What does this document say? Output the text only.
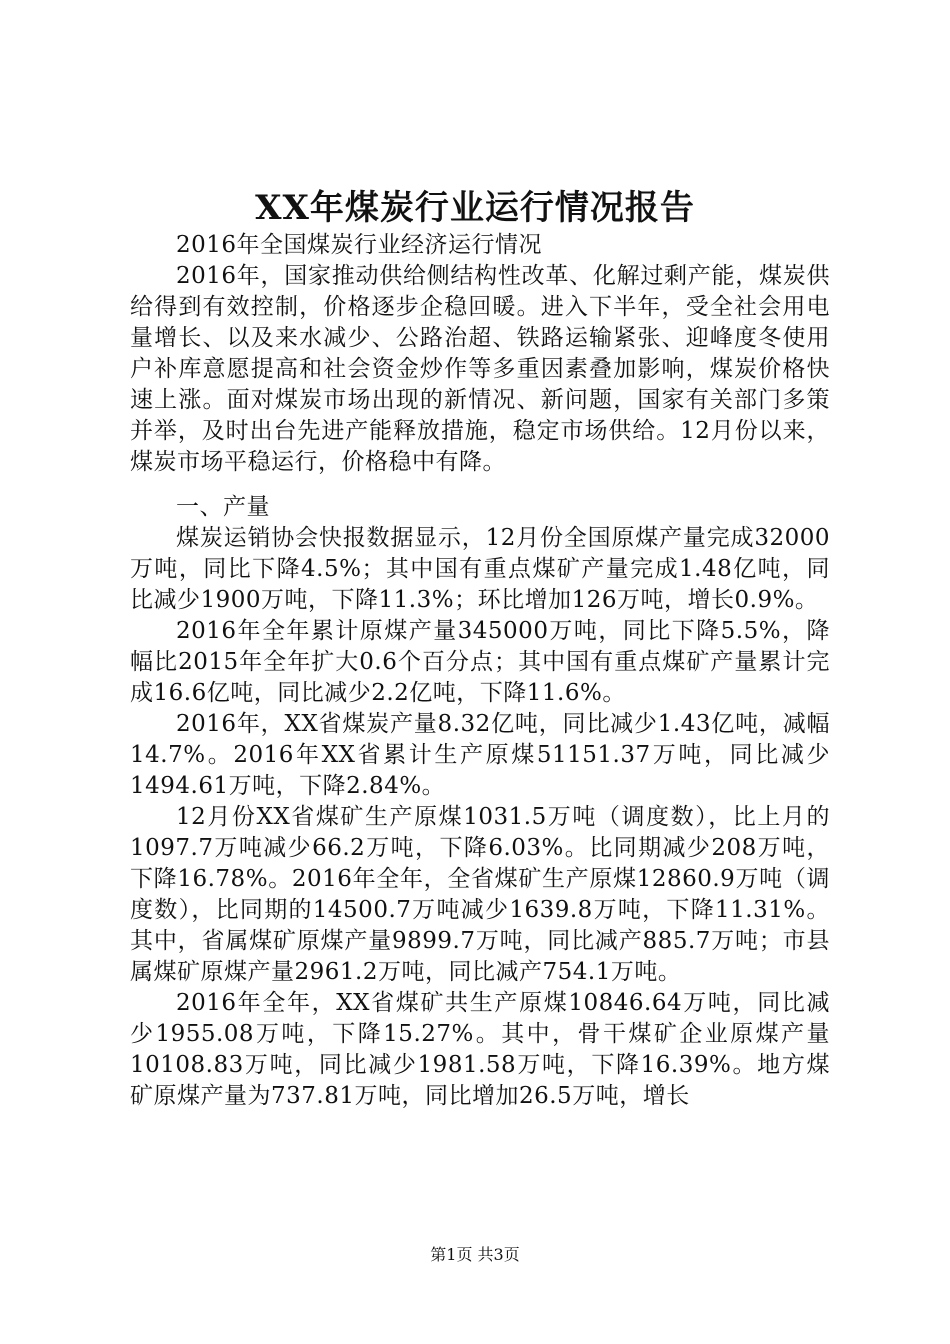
XX年煤炭行业运行情况报告

2016年全国煤炭行业经济运行情况

2016年，国家推动供给侧结构性改革、化解过剩产能，煤炭供给得到有效控制，价格逐步企稳回暖。进入下半年，受全社会用电量增长、以及来水减少、公路治超、铁路运输紧张、迎峰度冬使用户补库意愿提高和社会资金炒作等多重因素叠加影响，煤炭价格快速上涨。面对煤炭市场出现的新情况、新问题，国家有关部门多策并举，及时出台先进产能释放措施，稳定市场供给。12月份以来，煤炭市场平稳运行，价格稳中有降。

一、产量

煤炭运销协会快报数据显示，12月份全国原煤产量完成32000万吨，同比下降4.5%；其中国有重点煤矿产量完成1.48亿吨，同比减少1900万吨，下降11.3%；环比增加126万吨，增长0.9%。

2016年全年累计原煤产量345000万吨，同比下降5.5%，降幅比2015年全年扩大0.6个百分点；其中国有重点煤矿产量累计完成16.6亿吨，同比减少2.2亿吨，下降11.6%。

2016年，XX省煤炭产量8.32亿吨，同比减少1.43亿吨，减幅14.7%。2016年XX省累计生产原煤51151.37万吨，同比减少1494.61万吨，下降2.84%。

12月份XX省煤矿生产原煤1031.5万吨（调度数），比上月的1097.7万吨减少66.2万吨，下降6.03%。比同期减少208万吨，下降16.78%。2016年全年，全省煤矿生产原煤12860.9万吨（调度数），比同期的14500.7万吨减少1639.8万吨，下降11.31%。其中，省属煤矿原煤产量9899.7万吨，同比减产885.7万吨；市县属煤矿原煤产量2961.2万吨，同比减产754.1万吨。

2016年全年，XX省煤矿共生产原煤10846.64万吨，同比减少1955.08万吨，下降15.27%。其中，骨干煤矿企业原煤产量10108.83万吨，同比减少1981.58万吨，下降16.39%。地方煤矿原煤产量为737.81万吨，同比增加26.5万吨，增长

第1页 共3页
